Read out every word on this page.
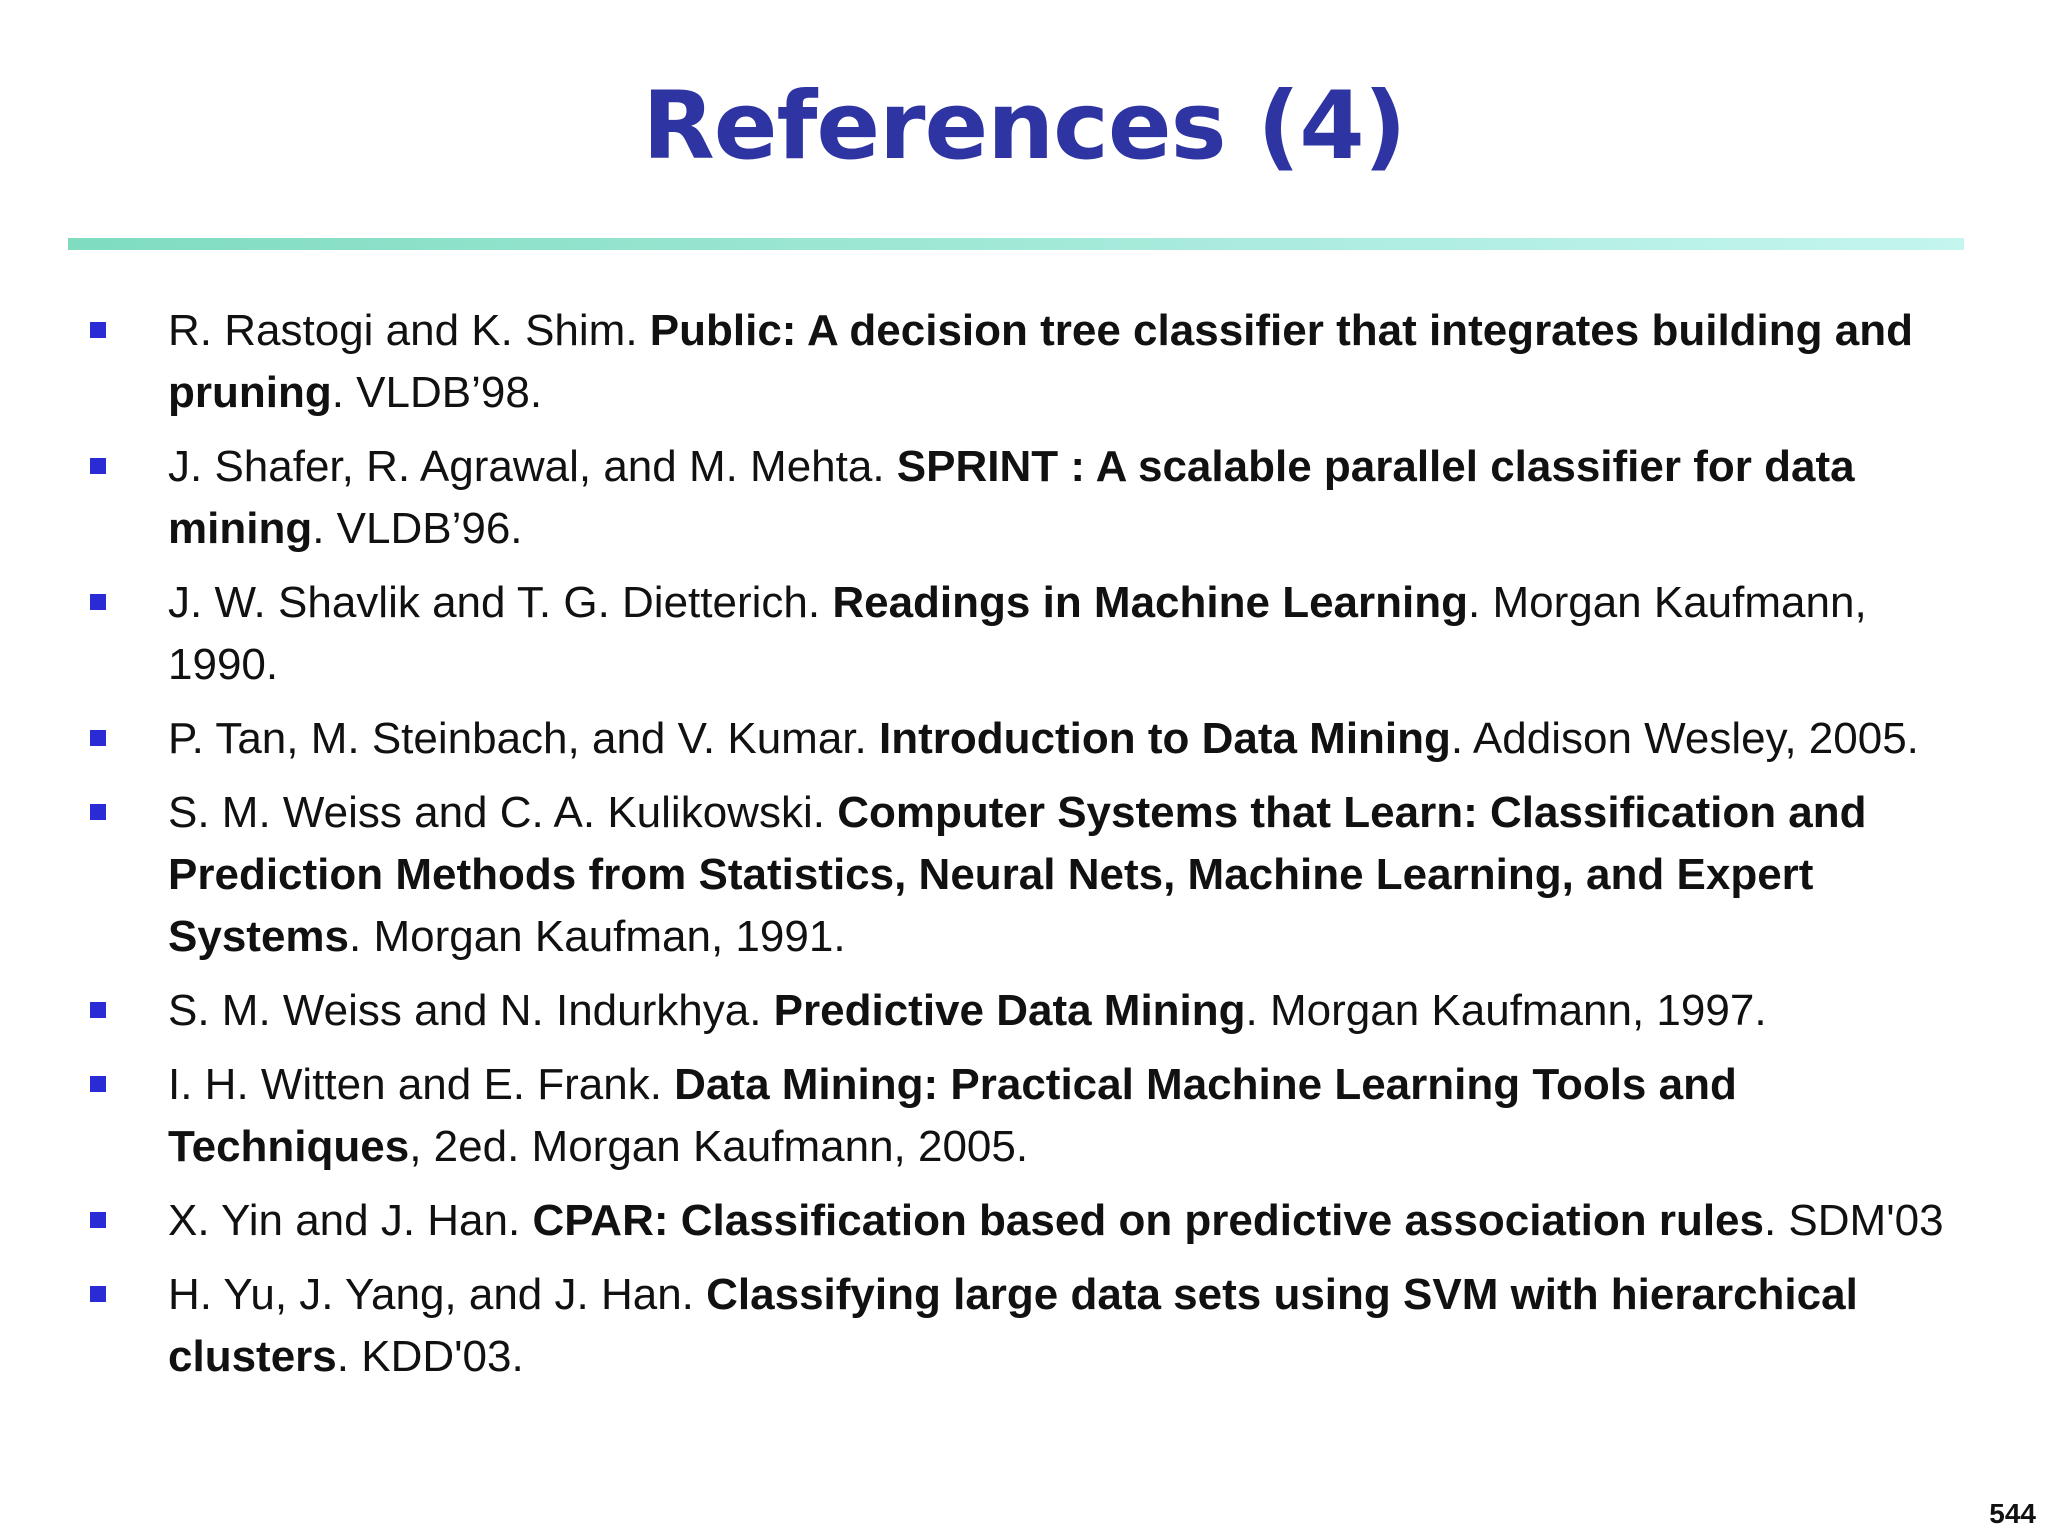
References (4)
R. Rastogi and K. Shim. Public: A decision tree classifier that integrates building and pruning. VLDB’98.
J. Shafer, R. Agrawal, and M. Mehta. SPRINT : A scalable parallel classifier for data mining. VLDB’96.
J. W. Shavlik and T. G. Dietterich. Readings in Machine Learning. Morgan Kaufmann, 1990.
P. Tan, M. Steinbach, and V. Kumar. Introduction to Data Mining. Addison Wesley, 2005.
S. M. Weiss and C. A. Kulikowski. Computer Systems that Learn: Classification and Prediction Methods from Statistics, Neural Nets, Machine Learning, and Expert Systems. Morgan Kaufman, 1991.
S. M. Weiss and N. Indurkhya. Predictive Data Mining. Morgan Kaufmann, 1997.
I. H. Witten and E. Frank. Data Mining: Practical Machine Learning Tools and Techniques, 2ed. Morgan Kaufmann, 2005.
X. Yin and J. Han. CPAR: Classification based on predictive association rules. SDM'03
H. Yu, J. Yang, and J. Han. Classifying large data sets using SVM with hierarchical clusters. KDD'03.
544
